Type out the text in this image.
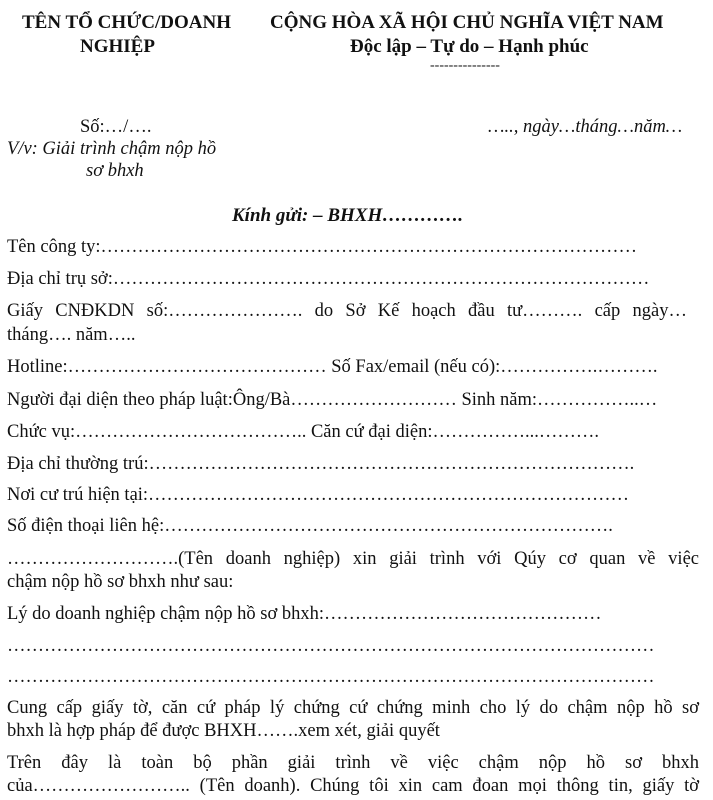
TÊN TỔ CHỨC/DOANH
NGHIỆP
CỘNG HÒA XÃ HỘI CHỦ NGHĨA VIỆT NAM
Độc lập – Tự do – Hạnh phúc
---------------
Số:…/….	….., ngày…tháng…năm…
V/v: Giải trình chậm nộp hồ
sơ bhxh
Kính gửi: – BHXH………….
Tên công ty:……………………………………………………………………………
Địa chỉ trụ sở:……………………………………………………………………………
Giấy CNĐKDN số:…………………. do Sở Kế hoạch đầu tư………. cấp ngày…
tháng…. năm…..
Hotline:…………………………………… Số Fax/email (nếu có):…………….……….
Người đại diện theo pháp luật:Ông/Bà……………………… Sinh năm:……………..…
Chức vụ:……………………………….. Căn cứ đại diện:……………...……….
Địa chỉ thường trú:…………………………………………………………………….
Nơi cư trú hiện tại:……………………………………………………………………
Số điện thoại liên hệ:……………………………………………………………….
……………………….(Tên doanh nghiệp) xin giải trình với Qúy cơ quan về việc
chậm nộp hồ sơ bhxh như sau:
Lý do doanh nghiệp chậm nộp hồ sơ bhxh:………………………………………
……………………………………………………………………………………………
……………………………………………………………………………………………
Cung cấp giấy tờ, căn cứ pháp lý chứng cứ chứng minh cho lý do chậm nộp hồ sơ
bhxh là hợp pháp để được BHXH…….xem xét, giải quyết
Trên đây là toàn bộ phần giải trình về việc chậm nộp hồ sơ bhxh
của…………………….. (Tên doanh). Chúng tôi xin cam đoan mọi thông tin, giấy tờ
